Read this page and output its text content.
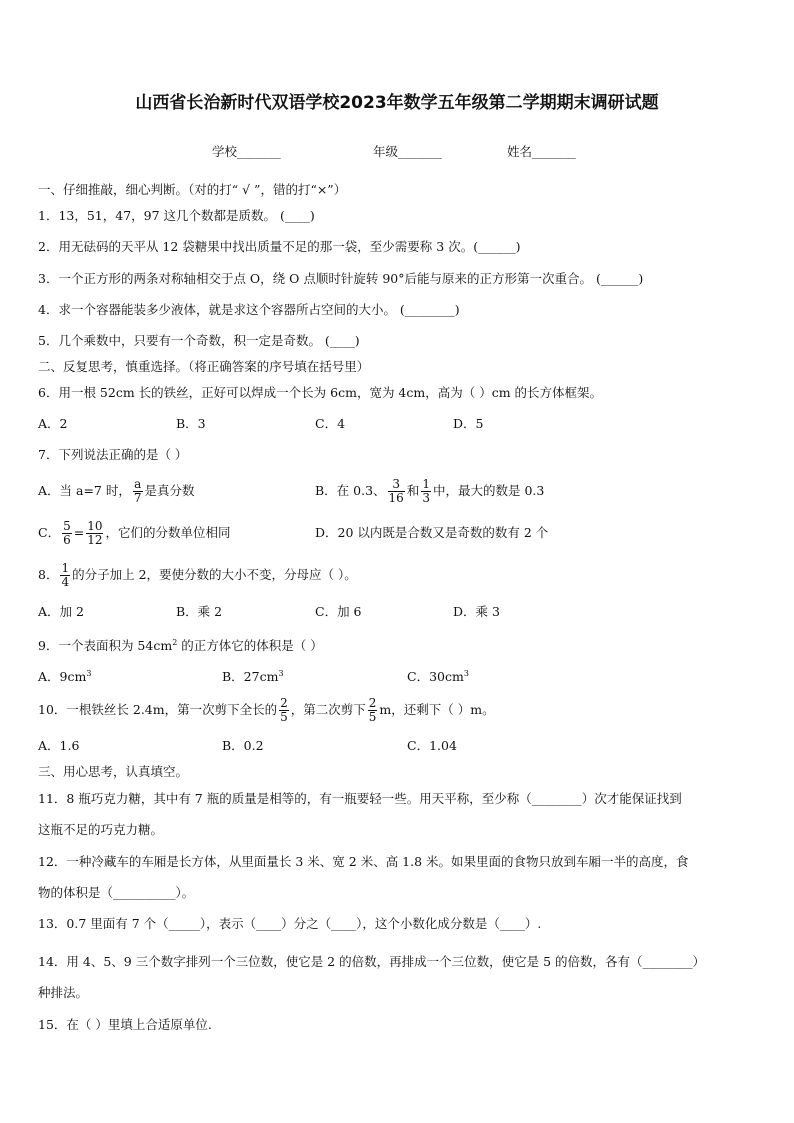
山西省长治新时代双语学校2023年数学五年级第二学期期末调研试题
学校_______	年级_______	姓名_______
一、仔细推敲，细心判断。（对的打“ √ ”，错的打“×”）
1．13，51，47，97 这几个数都是质数。 (____)
2．用无砝码的天平从 12 袋糖果中找出质量不足的那一袋，至少需要称 3 次。(______)
3．一个正方形的两条对称轴相交于点 O，绕 O 点顺时针旋转 90°后能与原来的正方形第一次重合。 (______)
4．求一个容器能装多少液体，就是求这个容器所占空间的大小。 (________)
5．几个乘数中，只要有一个奇数，积一定是奇数。 (____)
二、反复思考，慎重选择。（将正确答案的序号填在括号里）
6．用一根 52cm 长的铁丝，正好可以焊成一个长为 6cm，宽为 4cm，高为（ ）cm 的长方体框架。
A．2	B．3	C．4	D．5
7．下列说法正确的是（ ）
A．当 a=7 时， $\frac{a}{7}$ 是真分数	B．在 0.3、 $\frac{3}{16}$ 和 $\frac{1}{3}$ 中，最大的数是 0.3
C． $\frac{5}{6} = \frac{10}{12}$ ，它们的分数单位相同	D．20 以内既是合数又是奇数的数有 2 个
8． $\frac{1}{4}$ 的分子加上 2，要使分数的大小不变，分母应（ ）。
A．加 2	B．乘 2	C．加 6	D．乘 3
9．一个表面积为 $54cm^2$ 的正方体它的体积是（ ）
A．$9cm^3$	B．$27cm^3$	C．$30cm^3$
10．一根铁丝长 2.4m，第一次剪下全长的 $\frac{2}{5}$ ，第二次剪下 $\frac{2}{5}$ m，还剩下（ ）m。
A．1.6	B．0.2	C．1.04
三、用心思考，认真填空。
11．8 瓶巧克力糖，其中有 7 瓶的质量是相等的，有一瓶要轻一些。用天平称，至少称（________）次才能保证找到
这瓶不足的巧克力糖。
12．一种冷藏车的车厢是长方体，从里面量长 3 米、宽 2 米、高 1.8 米。如果里面的食物只放到车厢一半的高度，食
物的体积是（__________）。
13．0.7 里面有 7 个（_____），表示（____）分之（____），这个小数化成分数是（____）.
14．用 4、5、9 三个数字排列一个三位数，使它是 2 的倍数，再排成一个三位数，使它是 5 的倍数，各有（________）
种排法。
15．在（ ）里填上合适原单位.
